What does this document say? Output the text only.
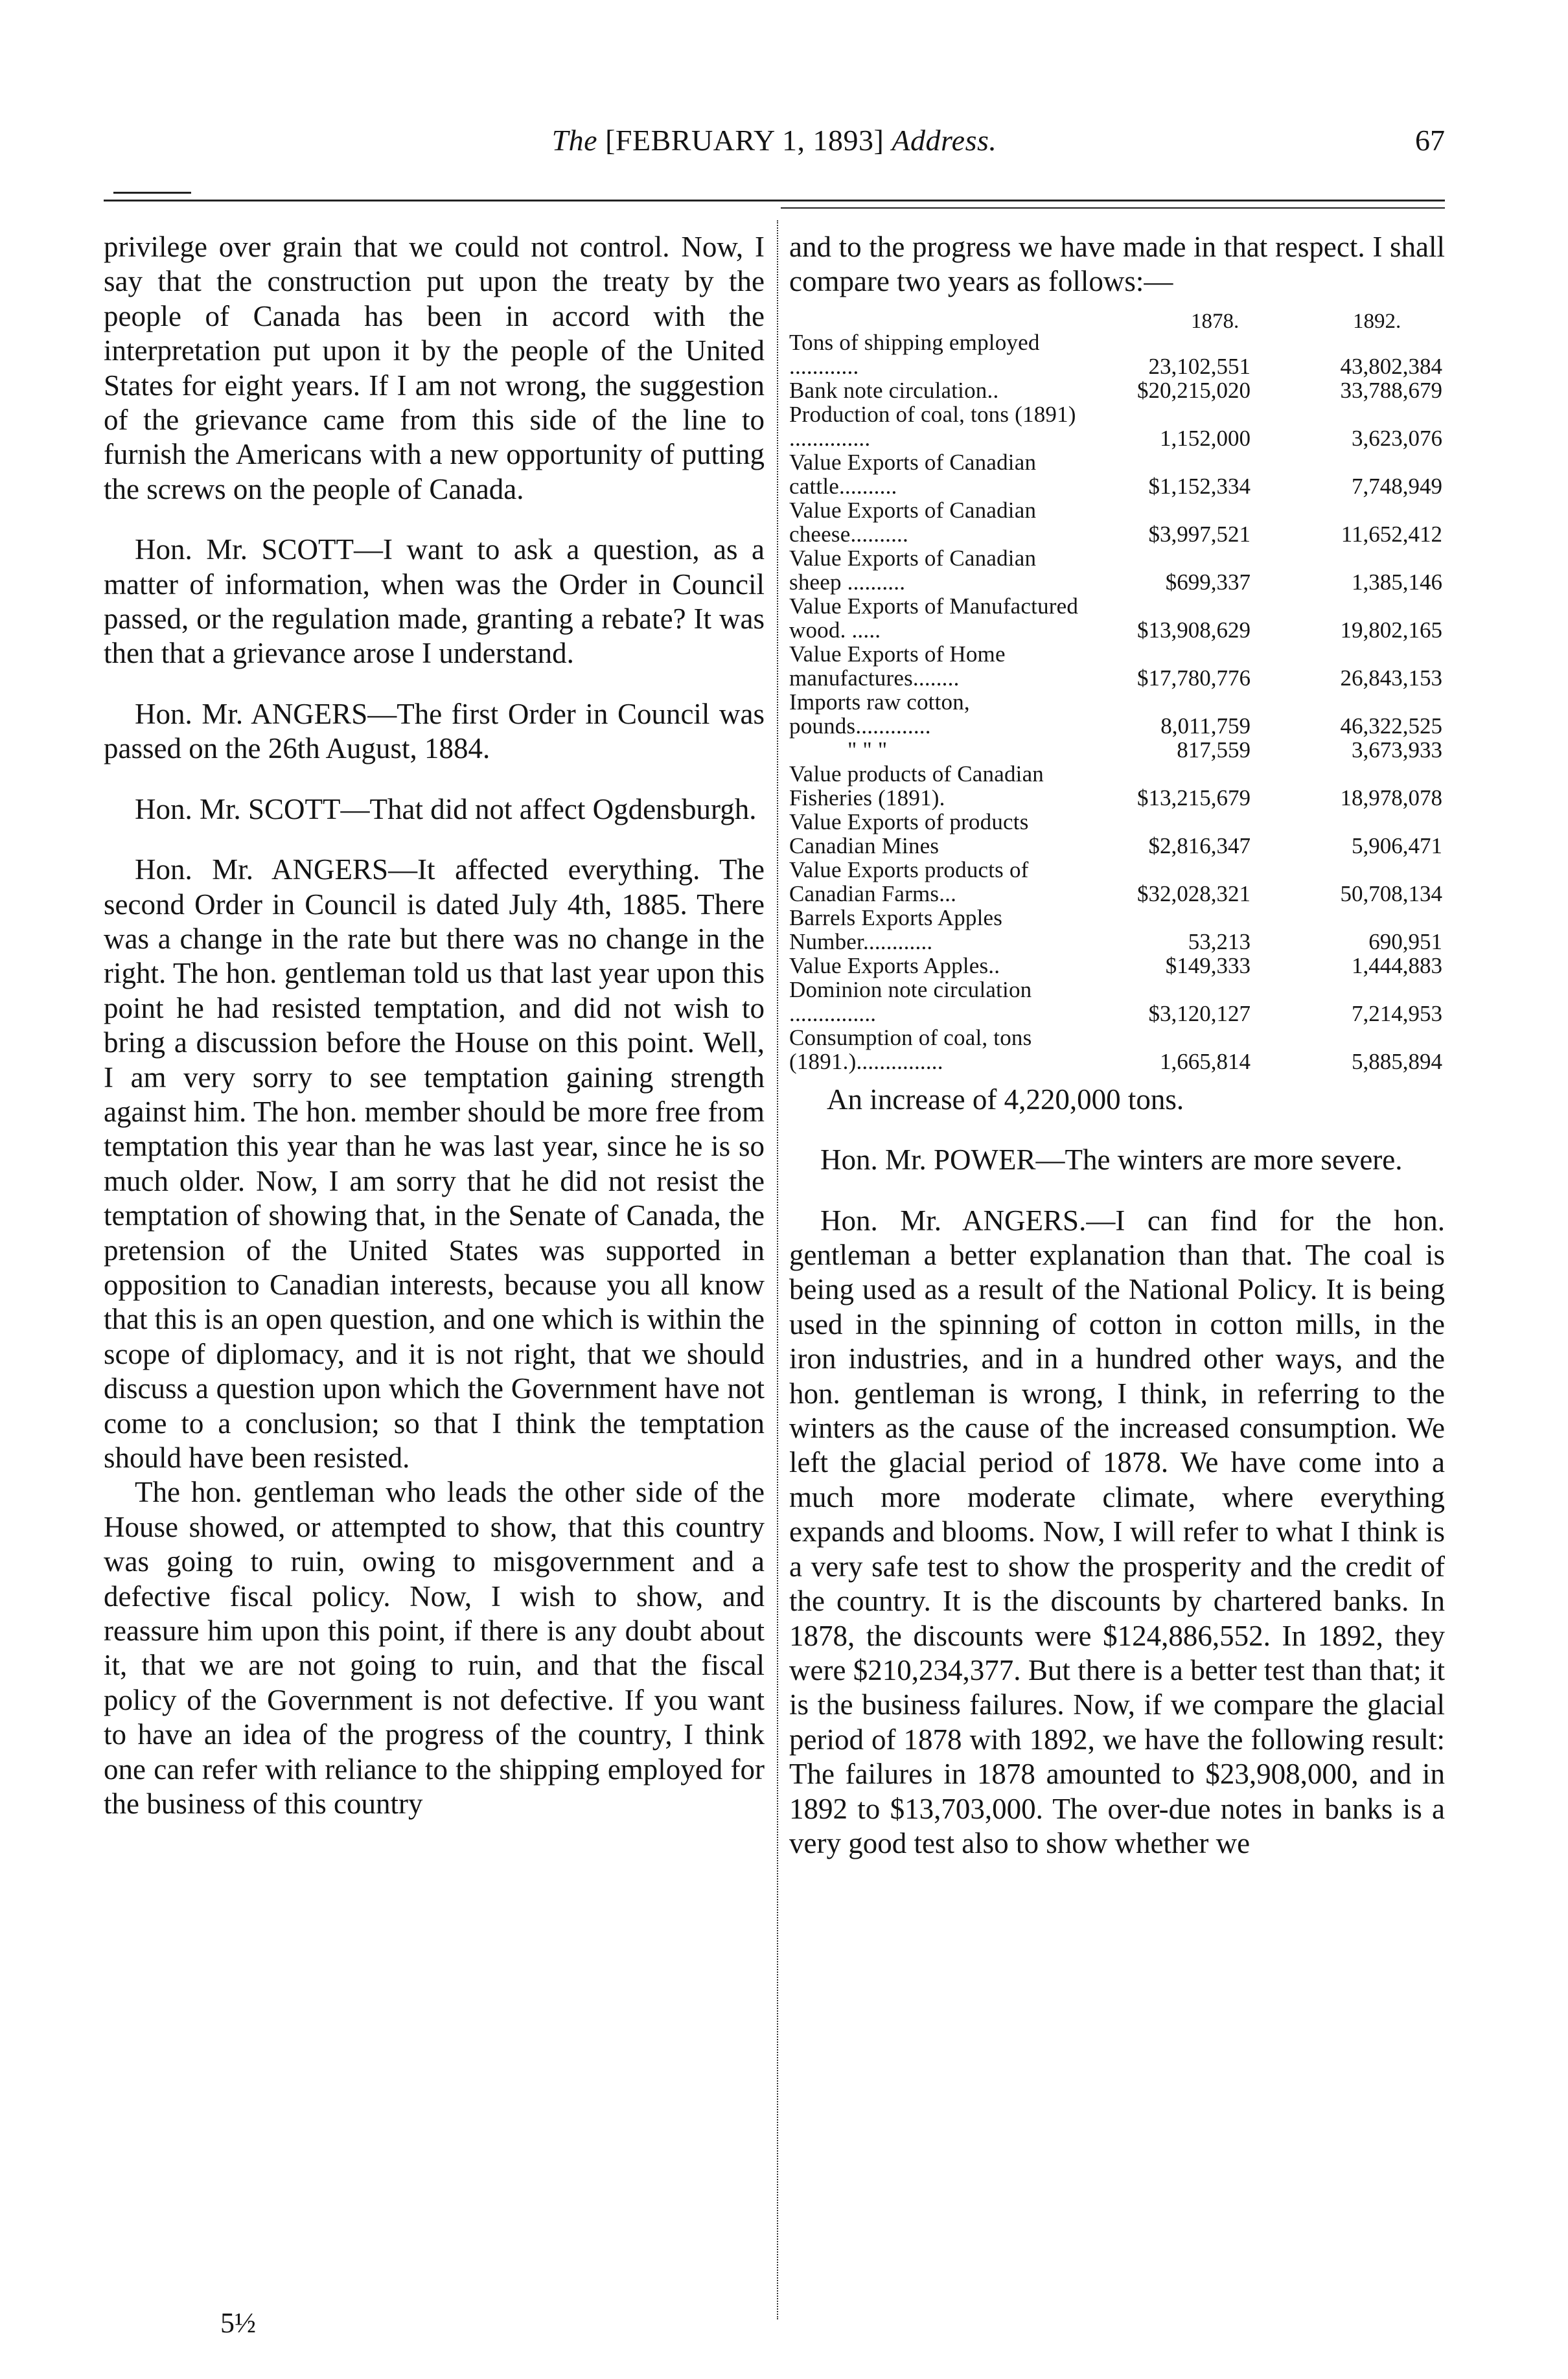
The [FEBRUARY 1, 1893] Address.	67

privilege over grain that we could not control. Now, I say that the construction put upon the treaty by the people of Canada has been in accord with the interpretation put upon it by the people of the United States for eight years. If I am not wrong, the suggestion of the grievance came from this side of the line to furnish the Americans with a new opportunity of putting the screws on the people of Canada.

Hon. Mr. SCOTT—I want to ask a question, as a matter of information, when was the Order in Council passed, or the regulation made, granting a rebate? It was then that a grievance arose I understand.

Hon. Mr. ANGERS—The first Order in Council was passed on the 26th August, 1884.

Hon. Mr. SCOTT—That did not affect Ogdensburgh.

Hon. Mr. ANGERS—It affected everything. The second Order in Council is dated July 4th, 1885. There was a change in the rate but there was no change in the right. The hon. gentleman told us that last year upon this point he had resisted temptation, and did not wish to bring a discussion before the House on this point. Well, I am very sorry to see temptation gaining strength against him. The hon. member should be more free from temptation this year than he was last year, since he is so much older. Now, I am sorry that he did not resist the temptation of showing that, in the Senate of Canada, the pretension of the United States was supported in opposition to Canadian interests, because you all know that this is an open question, and one which is within the scope of diplomacy, and it is not right, that we should discuss a question upon which the Government have not come to a conclusion; so that I think the temptation should have been resisted.

The hon. gentleman who leads the other side of the House showed, or attempted to show, that this country was going to ruin, owing to misgovernment and a defective fiscal policy. Now, I wish to show, and reassure him upon this point, if there is any doubt about it, that we are not going to ruin, and that the fiscal policy of the Government is not defective. If you want to have an idea of the progress of the country, I think one can refer with reliance to the shipping employed for the business of this country

and to the progress we have made in that respect. I shall compare two years as follows:—

1878.	1892.
Tons of shipping employed ............	23,102,551	43,802,384
Bank note circulation..	$20,215,020	33,788,679
Production of coal, tons (1891) ..............	1,152,000	3,623,076
Value Exports of Canadian cattle..........	$1,152,334	7,748,949
Value Exports of Canadian cheese..........	$3,997,521	11,652,412
Value Exports of Canadian sheep ..........	$699,337	1,385,146
Value Exports of Manufactured wood. .....	$13,908,629	19,802,165
Value Exports of Home manufactures........	$17,780,776	26,843,153
Imports raw cotton, pounds.............	8,011,759	46,322,525
" " "	817,559	3,673,933
Value products of Canadian Fisheries (1891).	$13,215,679	18,978,078
Value Exports of products Canadian Mines	$2,816,347	5,906,471
Value Exports products of Canadian Farms...	$32,028,321	50,708,134
Barrels Exports Apples Number............	53,213	690,951
Value Exports Apples..	$149,333	1,444,883
Dominion note circulation ...............	$3,120,127	7,214,953
Consumption of coal, tons (1891.)...............	1,665,814	5,885,894
An increase of 4,220,000 tons.

Hon. Mr. POWER—The winters are more severe.

Hon. Mr. ANGERS.—I can find for the hon. gentleman a better explanation than that. The coal is being used as a result of the National Policy. It is being used in the spinning of cotton in cotton mills, in the iron industries, and in a hundred other ways, and the hon. gentleman is wrong, I think, in referring to the winters as the cause of the increased consumption. We left the glacial period of 1878. We have come into a much more moderate climate, where everything expands and blooms. Now, I will refer to what I think is a very safe test to show the prosperity and the credit of the country. It is the discounts by chartered banks. In 1878, the discounts were $124,886,552. In 1892, they were $210,234,377. But there is a better test than that; it is the business failures. Now, if we compare the glacial period of 1878 with 1892, we have the following result: The failures in 1878 amounted to $23,908,000, and in 1892 to $13,703,000. The over-due notes in banks is a very good test also to show whether we

5½
